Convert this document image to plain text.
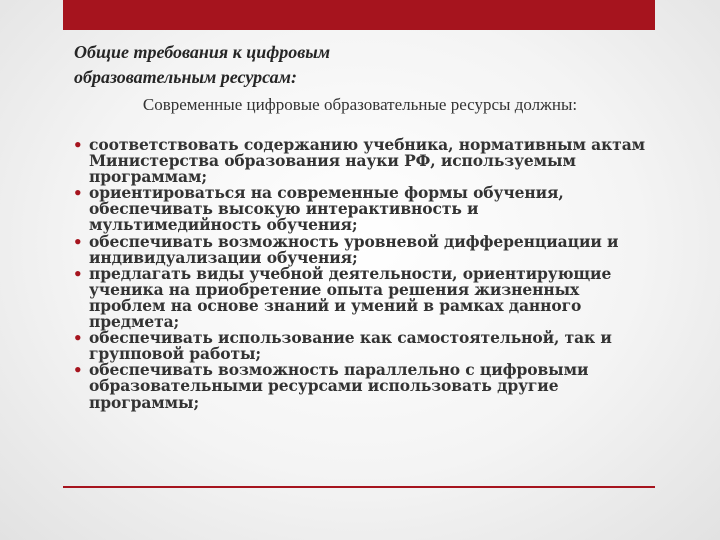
Общие требования к цифровым
образовательным ресурсам:

Современные цифровые образовательные ресурсы должны:

• соответствовать содержанию учебника, нормативным актам Министерства образования науки РФ, используемым программам;
• ориентироваться на современные формы обучения, обеспечивать высокую интерактивность и мультимедийность обучения;
• обеспечивать возможность уровневой дифференциации и индивидуализации обучения;
• предлагать виды учебной деятельности, ориентирующие ученика на приобретение опыта решения жизненных проблем на основе знаний и умений в рамках данного предмета;
• обеспечивать использование как самостоятельной, так и групповой работы;
• обеспечивать возможность параллельно с цифровыми образовательными ресурсами использовать другие программы;
